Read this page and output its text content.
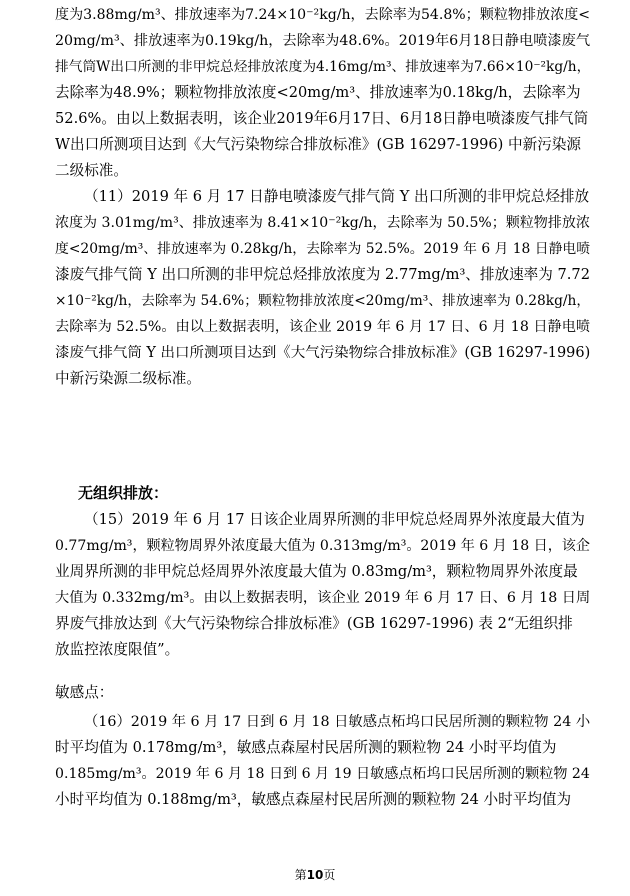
度为3.88mg/m³、排放速率为7.24×10⁻²kg/h，去除率为54.8%；颗粒物排放浓度<
20mg/m³、排放速率为0.19kg/h，去除率为48.6%。2019年6月18日静电喷漆废气
排气筒W出口所测的非甲烷总烃排放浓度为4.16mg/m³、排放速率为7.66×10⁻²kg/h，
去除率为48.9%；颗粒物排放浓度<20mg/m³、排放速率为0.18kg/h，去除率为
52.6%。由以上数据表明，该企业2019年6月17日、6月18日静电喷漆废气排气筒
W出口所测项目达到《大气污染物综合排放标准》(GB 16297-1996) 中新污染源
二级标准。
（11）2019 年 6 月 17 日静电喷漆废气排气筒 Y 出口所测的非甲烷总烃排放
浓度为 3.01mg/m³、排放速率为 8.41×10⁻²kg/h，去除率为 50.5%；颗粒物排放浓
度<20mg/m³、排放速率为 0.28kg/h，去除率为 52.5%。2019 年 6 月 18 日静电喷
漆废气排气筒 Y 出口所测的非甲烷总烃排放浓度为 2.77mg/m³、排放速率为 7.72
×10⁻²kg/h，去除率为 54.6%；颗粒物排放浓度<20mg/m³、排放速率为 0.28kg/h，
去除率为 52.5%。由以上数据表明，该企业 2019 年 6 月 17 日、6 月 18 日静电喷
漆废气排气筒 Y 出口所测项目达到《大气污染物综合排放标准》(GB 16297-1996)
中新污染源二级标准。
无组织排放：
（15）2019 年 6 月 17 日该企业周界所测的非甲烷总烃周界外浓度最大值为
0.77mg/m³，颗粒物周界外浓度最大值为 0.313mg/m³。2019 年 6 月 18 日，该企
业周界所测的非甲烷总烃周界外浓度最大值为 0.83mg/m³，颗粒物周界外浓度最
大值为 0.332mg/m³。由以上数据表明，该企业 2019 年 6 月 17 日、6 月 18 日周
界废气排放达到《大气污染物综合排放标准》(GB 16297-1996) 表 2“无组织排
放监控浓度限值”。
敏感点：
（16）2019 年 6 月 17 日到 6 月 18 日敏感点柘坞口民居所测的颗粒物 24 小
时平均值为 0.178mg/m³，敏感点森屋村民居所测的颗粒物 24 小时平均值为
0.185mg/m³。2019 年 6 月 18 日到 6 月 19 日敏感点柘坞口民居所测的颗粒物 24
小时平均值为 0.188mg/m³，敏感点森屋村民居所测的颗粒物 24 小时平均值为
第10页
